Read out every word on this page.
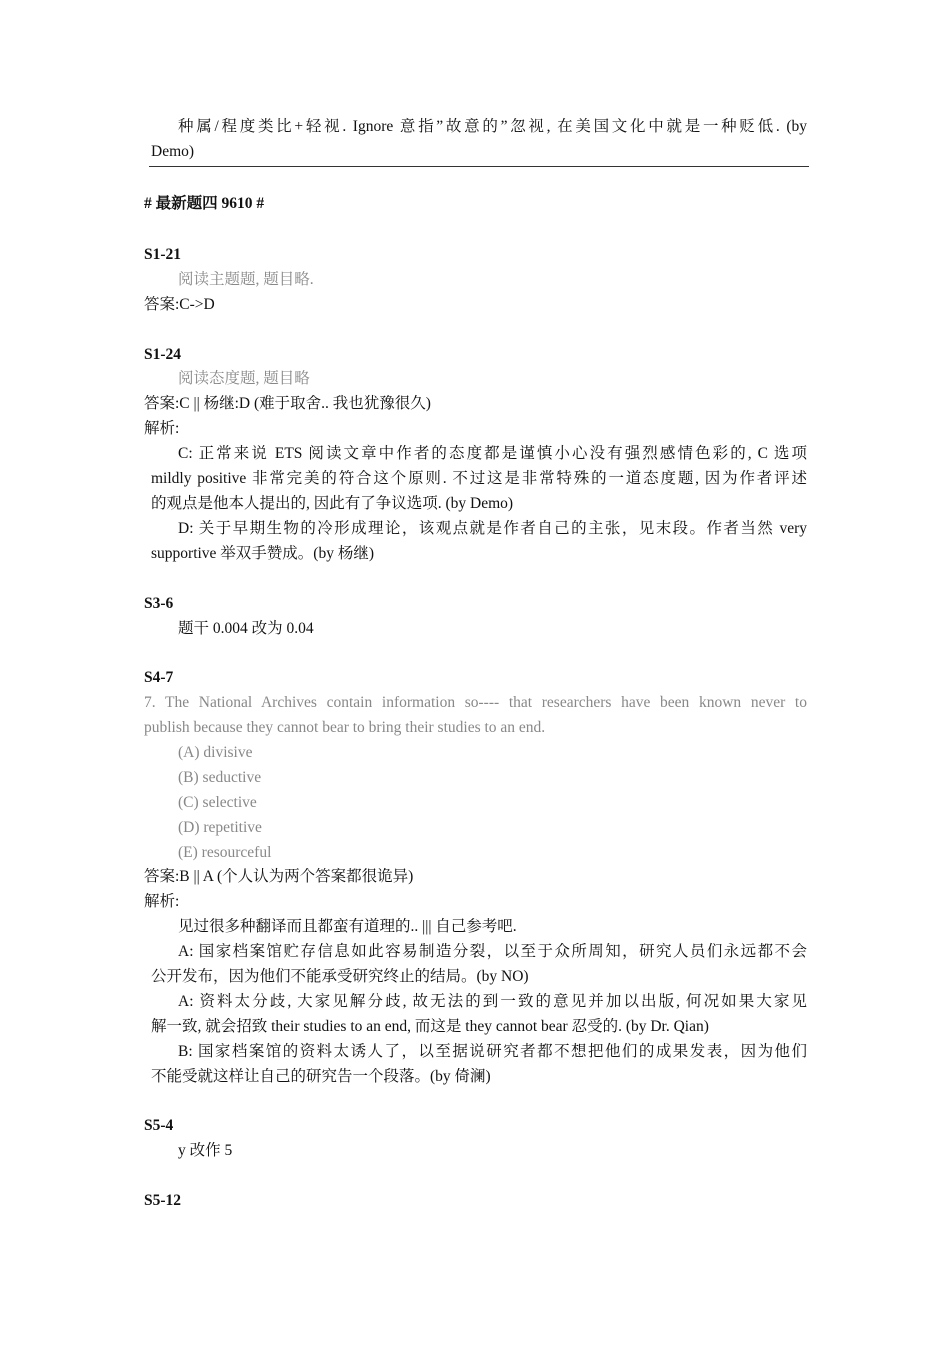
种属/程度类比+轻视. Ignore 意指”故意的”忽视, 在美国文化中就是一种贬低. (by
Demo)
# 最新题四 9610 #
S1-21
阅读主题题, 题目略.
答案:C->D
S1-24
阅读态度题, 题目略
答案:C || 杨继:D (难于取舍.. 我也犹豫很久)
解析:
C: 正常来说 ETS 阅读文章中作者的态度都是谨慎小心没有强烈感情色彩的, C 选项
mildly positive 非常完美的符合这个原则. 不过这是非常特殊的一道态度题, 因为作者评述
的观点是他本人提出的, 因此有了争议选项. (by Demo)
D: 关于早期生物的冷形成理论，该观点就是作者自己的主张，见末段。作者当然 very
supportive 举双手赞成。(by 杨继)
S3-6
题干 0.004 改为 0.04
S4-7
7. The National Archives contain information so---- that researchers have been known never to
publish because they cannot bear to bring their studies to an end.
(A) divisive
(B) seductive
(C) selective
(D) repetitive
(E) resourceful
答案:B || A (个人认为两个答案都很诡异)
解析:
见过很多种翻译而且都蛮有道理的.. ||| 自己参考吧.
A: 国家档案馆贮存信息如此容易制造分裂，以至于众所周知，研究人员们永远都不会
公开发布，因为他们不能承受研究终止的结局。(by NO)
A: 资料太分歧, 大家见解分歧, 故无法的到一致的意见并加以出版, 何况如果大家见
解一致, 就会招致 their studies to an end, 而这是 they cannot bear 忍受的. (by Dr. Qian)
B: 国家档案馆的资料太诱人了，以至据说研究者都不想把他们的成果发表，因为他们
不能受就这样让自己的研究告一个段落。(by 倚澜)
S5-4
y 改作 5
S5-12
